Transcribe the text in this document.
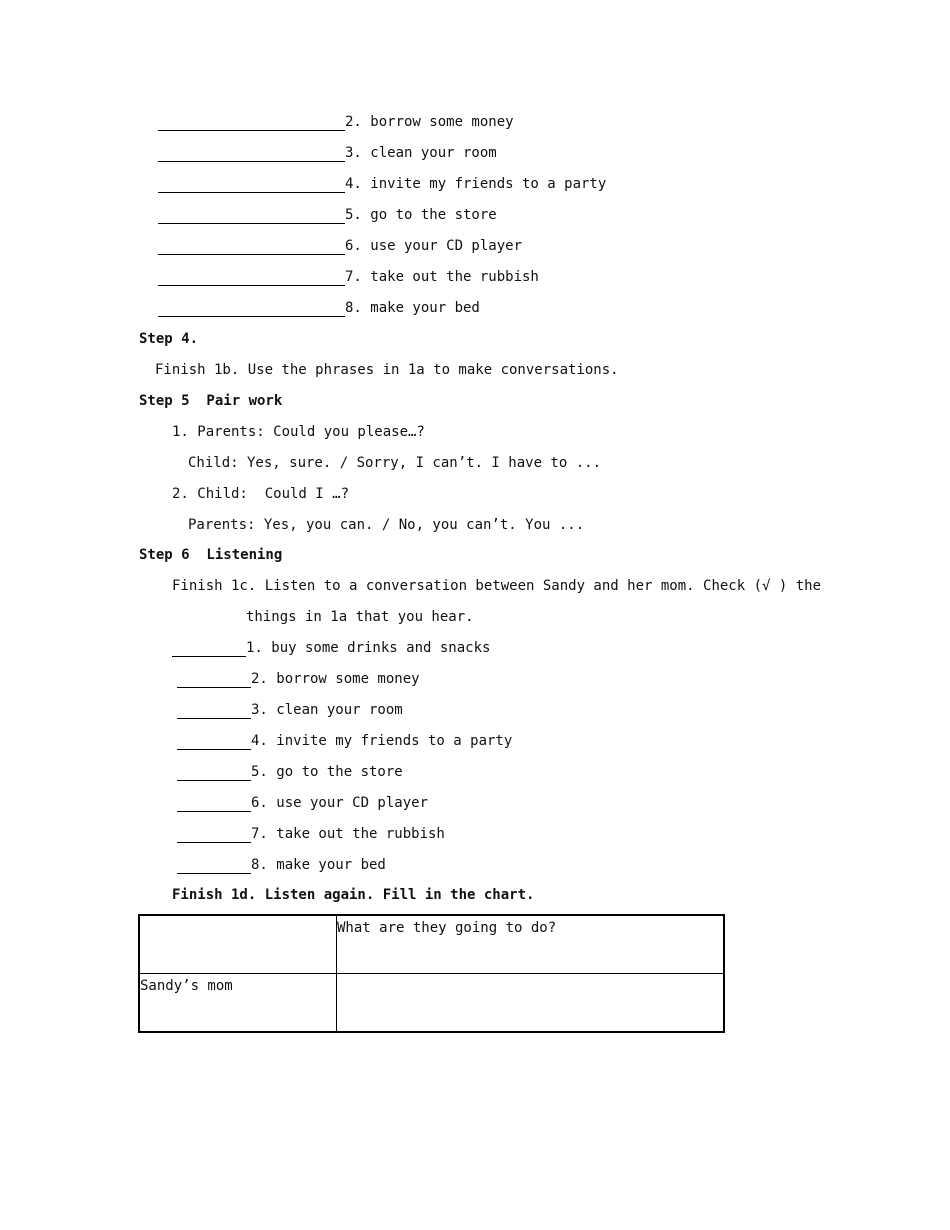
2. borrow some money
3. clean your room
4. invite my friends to a party
5. go to the store
6. use your CD player
7. take out the rubbish
8. make your bed
Step 4.
Finish 1b. Use the phrases in 1a to make conversations.
Step 5  Pair work
1. Parents: Could you please…?
Child: Yes, sure. / Sorry, I can’t. I have to ...
2. Child:  Could I …?
Parents: Yes, you can. / No, you can’t. You ...
Step 6  Listening
Finish 1c. Listen to a conversation between Sandy and her mom. Check (√ ) the
things in 1a that you hear.
1. buy some drinks and snacks
2. borrow some money
3. clean your room
4. invite my friends to a party
5. go to the store
6. use your CD player
7. take out the rubbish
8. make your bed
Finish 1d. Listen again. Fill in the chart.
	What are they going to do?
Sandy’s mom	
